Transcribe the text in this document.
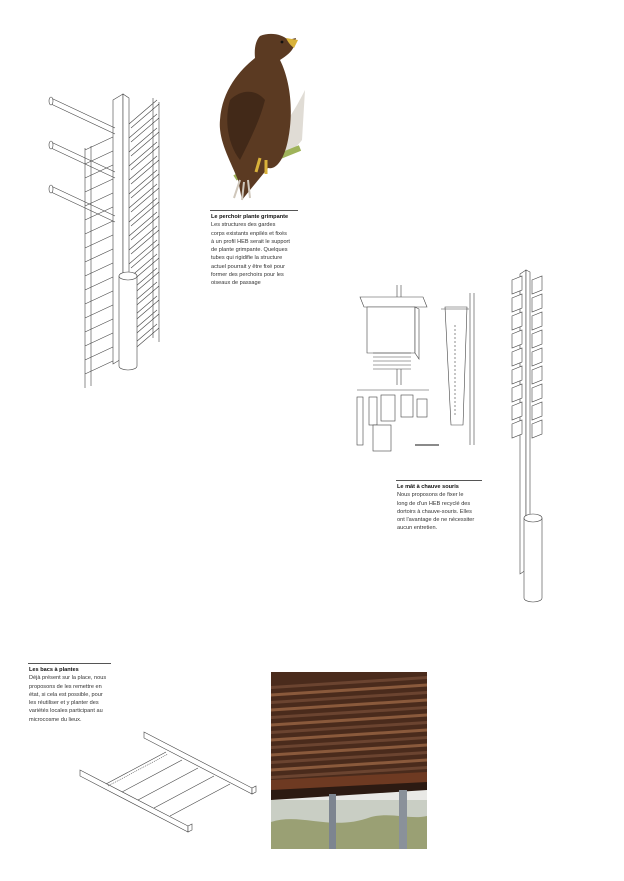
Le perchoir plante grimpante
Les structures des gardes
corps existants enpilés et fixés
à un profil HEB serait le support
de plante grimpante. Quelques
tubes qui rigidifie la structure
actuel pourrait y être fixé pour
former des perchoirs pour les
oiseaux de passage
Le mât à chauve souris
Nous proposons de fixer le
long de d'un HEB recyclé des
dortoirs à chauve-souris. Elles
ont l'avantage de ne nécessiter
aucun entretien.
Les bacs à plantes
Déjà présent sur la place, nous
proposons de les remettre en
état, si cela est possible, pour
les réutiliser et y planter des
variétés locales participant au
microcosme du lieux.
